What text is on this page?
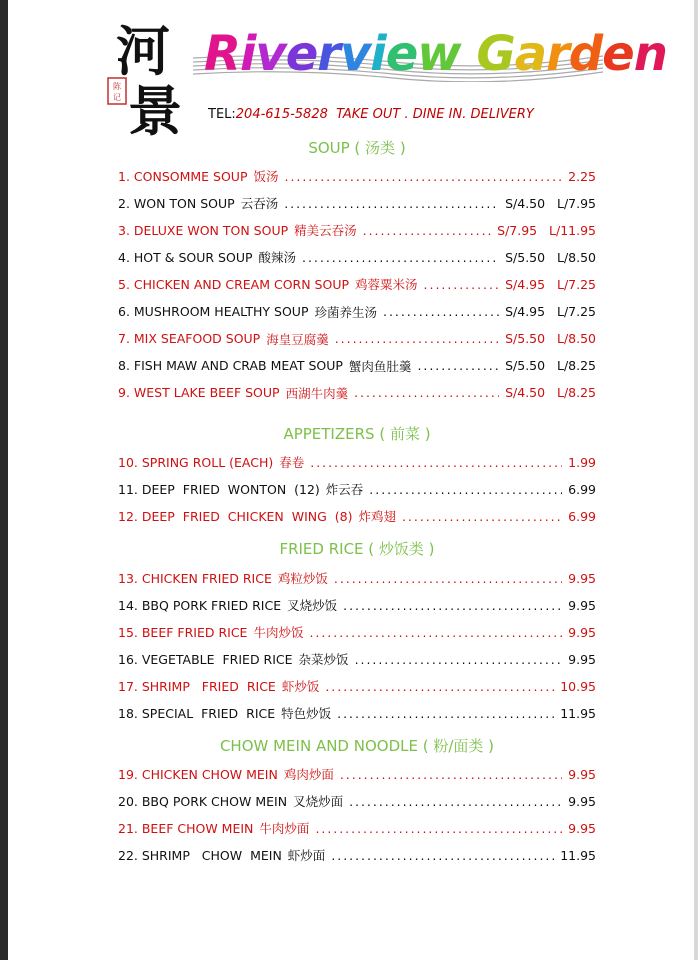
河
景
陈
记
Riverview Garden
TEL:204-615-5828 TAKE OUT . DINE IN. DELIVERY
SOUP ( 汤类 )
1. CONSOMME SOUP 饭汤 . . .	2.25
2. WON TON SOUP 云吞汤 . . .	S/4.50   L/7.95
3. DELUXE WON TON SOUP 精美云吞汤 . . .	S/7.95   L/11.95
4. HOT & SOUR SOUP 酸辣汤 . . .	S/5.50   L/8.50
5. CHICKEN AND CREAM CORN SOUP 鸡蓉粟米汤 . . .	S/4.95   L/7.25
6. MUSHROOM HEALTHY SOUP 珍菌养生汤 . . .	S/4.95   L/7.25
7. MIX SEAFOOD SOUP 海皇豆腐羹 . . .	S/5.50   L/8.50
8. FISH MAW AND CRAB MEAT SOUP 蟹肉鱼肚羹 . . .	S/5.50   L/8.25
9. WEST LAKE BEEF SOUP 西湖牛肉羹 . . .	S/4.50   L/8.25
APPETIZERS ( 前菜 )
10. SPRING ROLL (EACH) 春卷 . . .	1.99
11. DEEP  FRIED  WONTON  (12) 炸云吞 . . .	6.99
12. DEEP  FRIED  CHICKEN  WING  (8) 炸鸡翅 . . .	6.99
FRIED RICE ( 炒饭类 )
13. CHICKEN FRIED RICE 鸡粒炒饭 . . .	9.95
14. BBQ PORK FRIED RICE 叉烧炒饭 . . .	9.95
15. BEEF FRIED RICE 牛肉炒饭 . . .	9.95
16. VEGETABLE  FRIED RICE 杂菜炒饭 . . .	9.95
17. SHRIMP   FRIED  RICE 虾炒饭 . . .	10.95
18. SPECIAL  FRIED  RICE 特色炒饭 . . .	11.95
CHOW MEIN AND NOODLE ( 粉/面类 )
19. CHICKEN CHOW MEIN 鸡肉炒面 . . .	9.95
20. BBQ PORK CHOW MEIN 叉烧炒面 . . .	9.95
21. BEEF CHOW MEIN 牛肉炒面 . . .	9.95
22. SHRIMP   CHOW  MEIN 虾炒面 . . .	11.95
